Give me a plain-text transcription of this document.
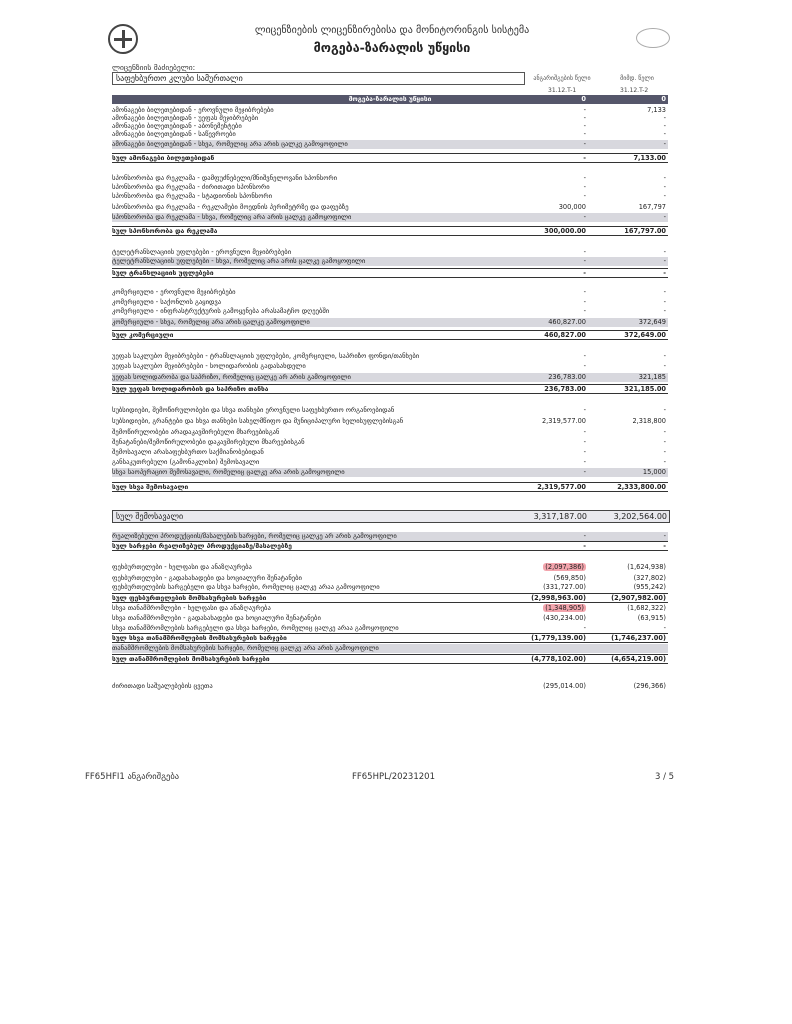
ლიცენზიების ლიცენზირებისა და მონიტორინგის სისტემა
მოგება-ზარალის უწყისი
ლიცენზიის მაძიებელი:
საფეხბურთო კლუბი სამურთალი	ანგარიშგების წელი	მიმდ. წელი
31.12.T-1	31.12.T-2
მოგება-ზარალის უწყისი	0	0
ამონაგები ბილეთებიდან - ეროვნული მეჯიბრებები	-	7,133
ამონაგები ბილეთებიდან - უეფას მეჯიბრებები	-	-
ამონაგები ბილეთებიდან - აბონემენტები	-	-
ამონაგები ბილეთებიდან - საწევროები	-	-
ამონაგები ბილეთებიდან - სხვა, რომელიც არა არის ცალკე გამოყოფილი	-	-
სულ ამონაგები ბილეთებიდან	-	7,133.00
სპონსორობა და რეკლამა - დამფუძნებელი/მნიშვნელოვანი სპონსორი	-	-
სპონსორობა და რეკლამა - ძირითადი სპონსორი	-	-
სპონსორობა და რეკლამა - სტადიონის სპონსორი	-	-
სპონსორობა და რეკლამა - რეკლამები მოედნის პერიმეტრზე და დაფებზე	300,000	167,797
სპონსორობა და რეკლამა - სხვა, რომელიც არა არის ცალკე გამოყოფილი	-	-
სულ სპონსორობა და რეკლამა	300,000.00	167,797.00
ტელეტრანსლაციის უფლებები - ეროვნული მეჯიბრებები	-	-
ტელეტრანსლაციის უფლებები - სხვა, რომელიც არა არის ცალკე გამოყოფილი	-	-
სულ ტრანსლაციის უფლებები	-	-
კომერციული - ეროვნული მეჯიბრებები	-	-
კომერციული - საქონლის გაყიდვა	-	-
კომერციული - ინფრასტრუქტურის გამოყენება არასამატჩო დღეებში	-	-
კომერციული - სხვა, რომელიც არა არის ცალკე გამოყოფილი	460,827.00	372,649
სულ კომერციული	460,827.00	372,649.00
უეფას საკლუბო მეჯიბრებები - ტრანსლაციის უფლებები, კომერციული, საპრიზო ფონდი/თანხები	-	-
უეფას საკლუბო მეჯიბრებები - სოლიდარობის გადასახდელი	-	-
უეფას სოლიდარობა და საპრიზო, რომელიც ცალკე არ არის გამოყოფილი	236,783.00	321,185
სულ უეფას სოლიდარობის და საპრიზო თანხა	236,783.00	321,185.00
სუბსიდიები, შემოწირულობები და სხვა თანხები ეროვნული საფეხბურთო ორგანოებიდან	-	-
სუბსიდიები, გრანტები და სხვა თანხები სახელმწიფო და მუნიციპალური ხელისუფლებისგან	2,319,577.00	2,318,800
შემოწირულობები არადაკავშირებული მხარეებისგან	-	-
შენატანები/შემოწირულობები დაკავშირებული მხარეებისგან	-	-
შემოსავალი არასაფეხბურთო საქმიანობებიდან	-	-
განსაკუთრებული (გამონაკლისი) შემოსავალი	-	-
სხვა საოპერაციო შემოსავალი, რომელიც ცალკე არა არის გამოყოფილი	-	15,000
სულ სხვა შემოსავალი	2,319,577.00	2,333,800.00
სულ შემოსავალი	3,317,187.00	3,202,564.00
რეალიზებული პროდუქციის/მასალების ხარჯები, რომელიც ცალკე არ არის გამოყოფილი	-	-
სულ ხარჯები რეალიზებულ პროდუქციაზე/მასალებზე	-	-
ფეხბურთელები - ხელფასი და ანაზღაურება	(2,097,386)	(1,624,938)
ფეხბურთელები - გადასახადები და სოციალური შენატანები	(569,850)	(327,802)
ფეხბურთელების სარგებელი და სხვა ხარჯები, რომელიც ცალკე არაა გამოყოფილი	(331,727.00)	(955,242)
სულ ფეხბურთელების მომსახურების ხარჯები	(2,998,963.00)	(2,907,982.00)
სხვა თანამშრომლები - ხელფასი და ანაზღაურება	(1,348,905)	(1,682,322)
სხვა თანამშრომლები - გადასახადები და სოციალური შენატანები	(430,234.00)	(63,915)
სხვა თანამშრომლების სარგებელი და სხვა ხარჯები, რომელიც ცალკე არაა გამოყოფილი	-	-
სულ სხვა თანამშრომლების მომსახურების ხარჯები	(1,779,139.00)	(1,746,237.00)
თანამშრომლების მომსახურების ხარჯები, რომელიც ცალკე არა არის გამოყოფილი
სულ თანამშრომლების მომსახურების ხარჯები	(4,778,102.00)	(4,654,219.00)
ძირითადი საშუალებების ცვეთა	(295,014.00)	(296,366)
FF65HFI1 ანგარიშგება	FF65HPL/20231201	3 / 5
